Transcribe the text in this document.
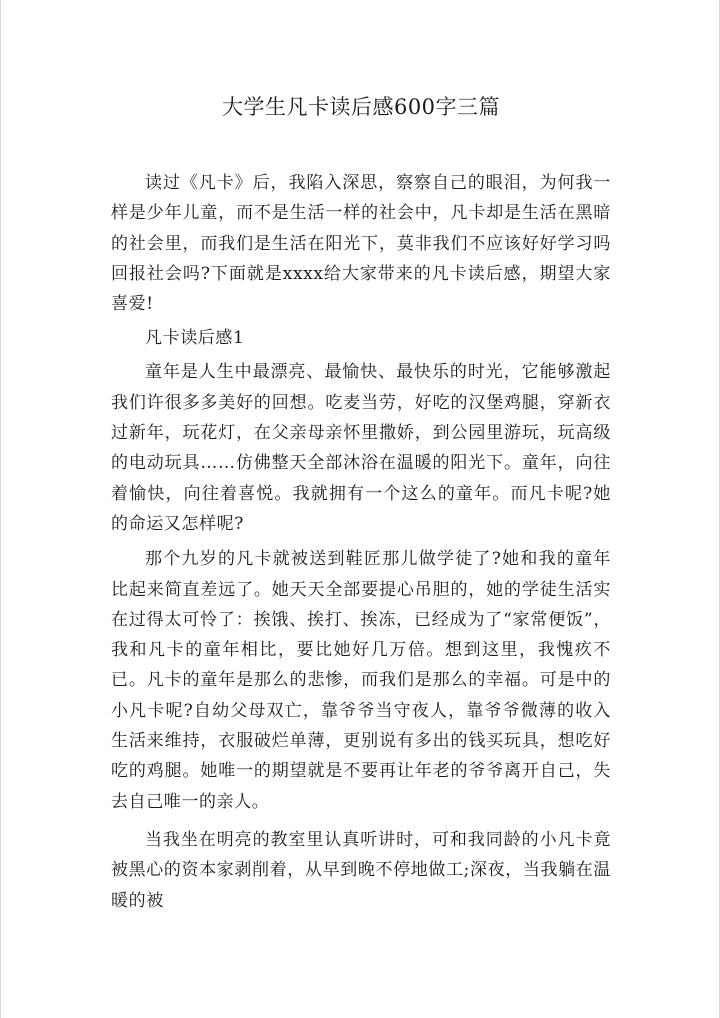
大学生凡卡读后感600字三篇

读过《凡卡》后，我陷入深思，察察自己的眼泪，为何我一样是少年儿童，而不是生活一样的社会中，凡卡却是生活在黑暗的社会里，而我们是生活在阳光下，莫非我们不应该好好学习吗回报社会吗?下面就是xxxx给大家带来的凡卡读后感，期望大家喜爱!

凡卡读后感1

童年是人生中最漂亮、最愉快、最快乐的时光，它能够激起我们许很多多美好的回想。吃麦当劳，好吃的汉堡鸡腿，穿新衣过新年，玩花灯，在父亲母亲怀里撒娇，到公园里游玩，玩高级的电动玩具……仿佛整天全部沐浴在温暖的阳光下。童年，向往着愉快，向往着喜悦。我就拥有一个这么的童年。而凡卡呢?她的命运又怎样呢?

那个九岁的凡卡就被送到鞋匠那儿做学徒了?她和我的童年比起来简直差远了。她天天全部要提心吊胆的，她的学徒生活实在过得太可怜了：挨饿、挨打、挨冻，已经成为了“家常便饭”，我和凡卡的童年相比，要比她好几万倍。想到这里，我愧疚不已。凡卡的童年是那么的悲惨，而我们是那么的幸福。可是中的小凡卡呢?自幼父母双亡，靠爷爷当守夜人，靠爷爷微薄的收入生活来维持，衣服破烂单薄，更别说有多出的钱买玩具，想吃好吃的鸡腿。她唯一的期望就是不要再让年老的爷爷离开自己，失去自己唯一的亲人。

当我坐在明亮的教室里认真听讲时，可和我同龄的小凡卡竟被黑心的资本家剥削着，从早到晚不停地做工;深夜，当我躺在温暖的被
